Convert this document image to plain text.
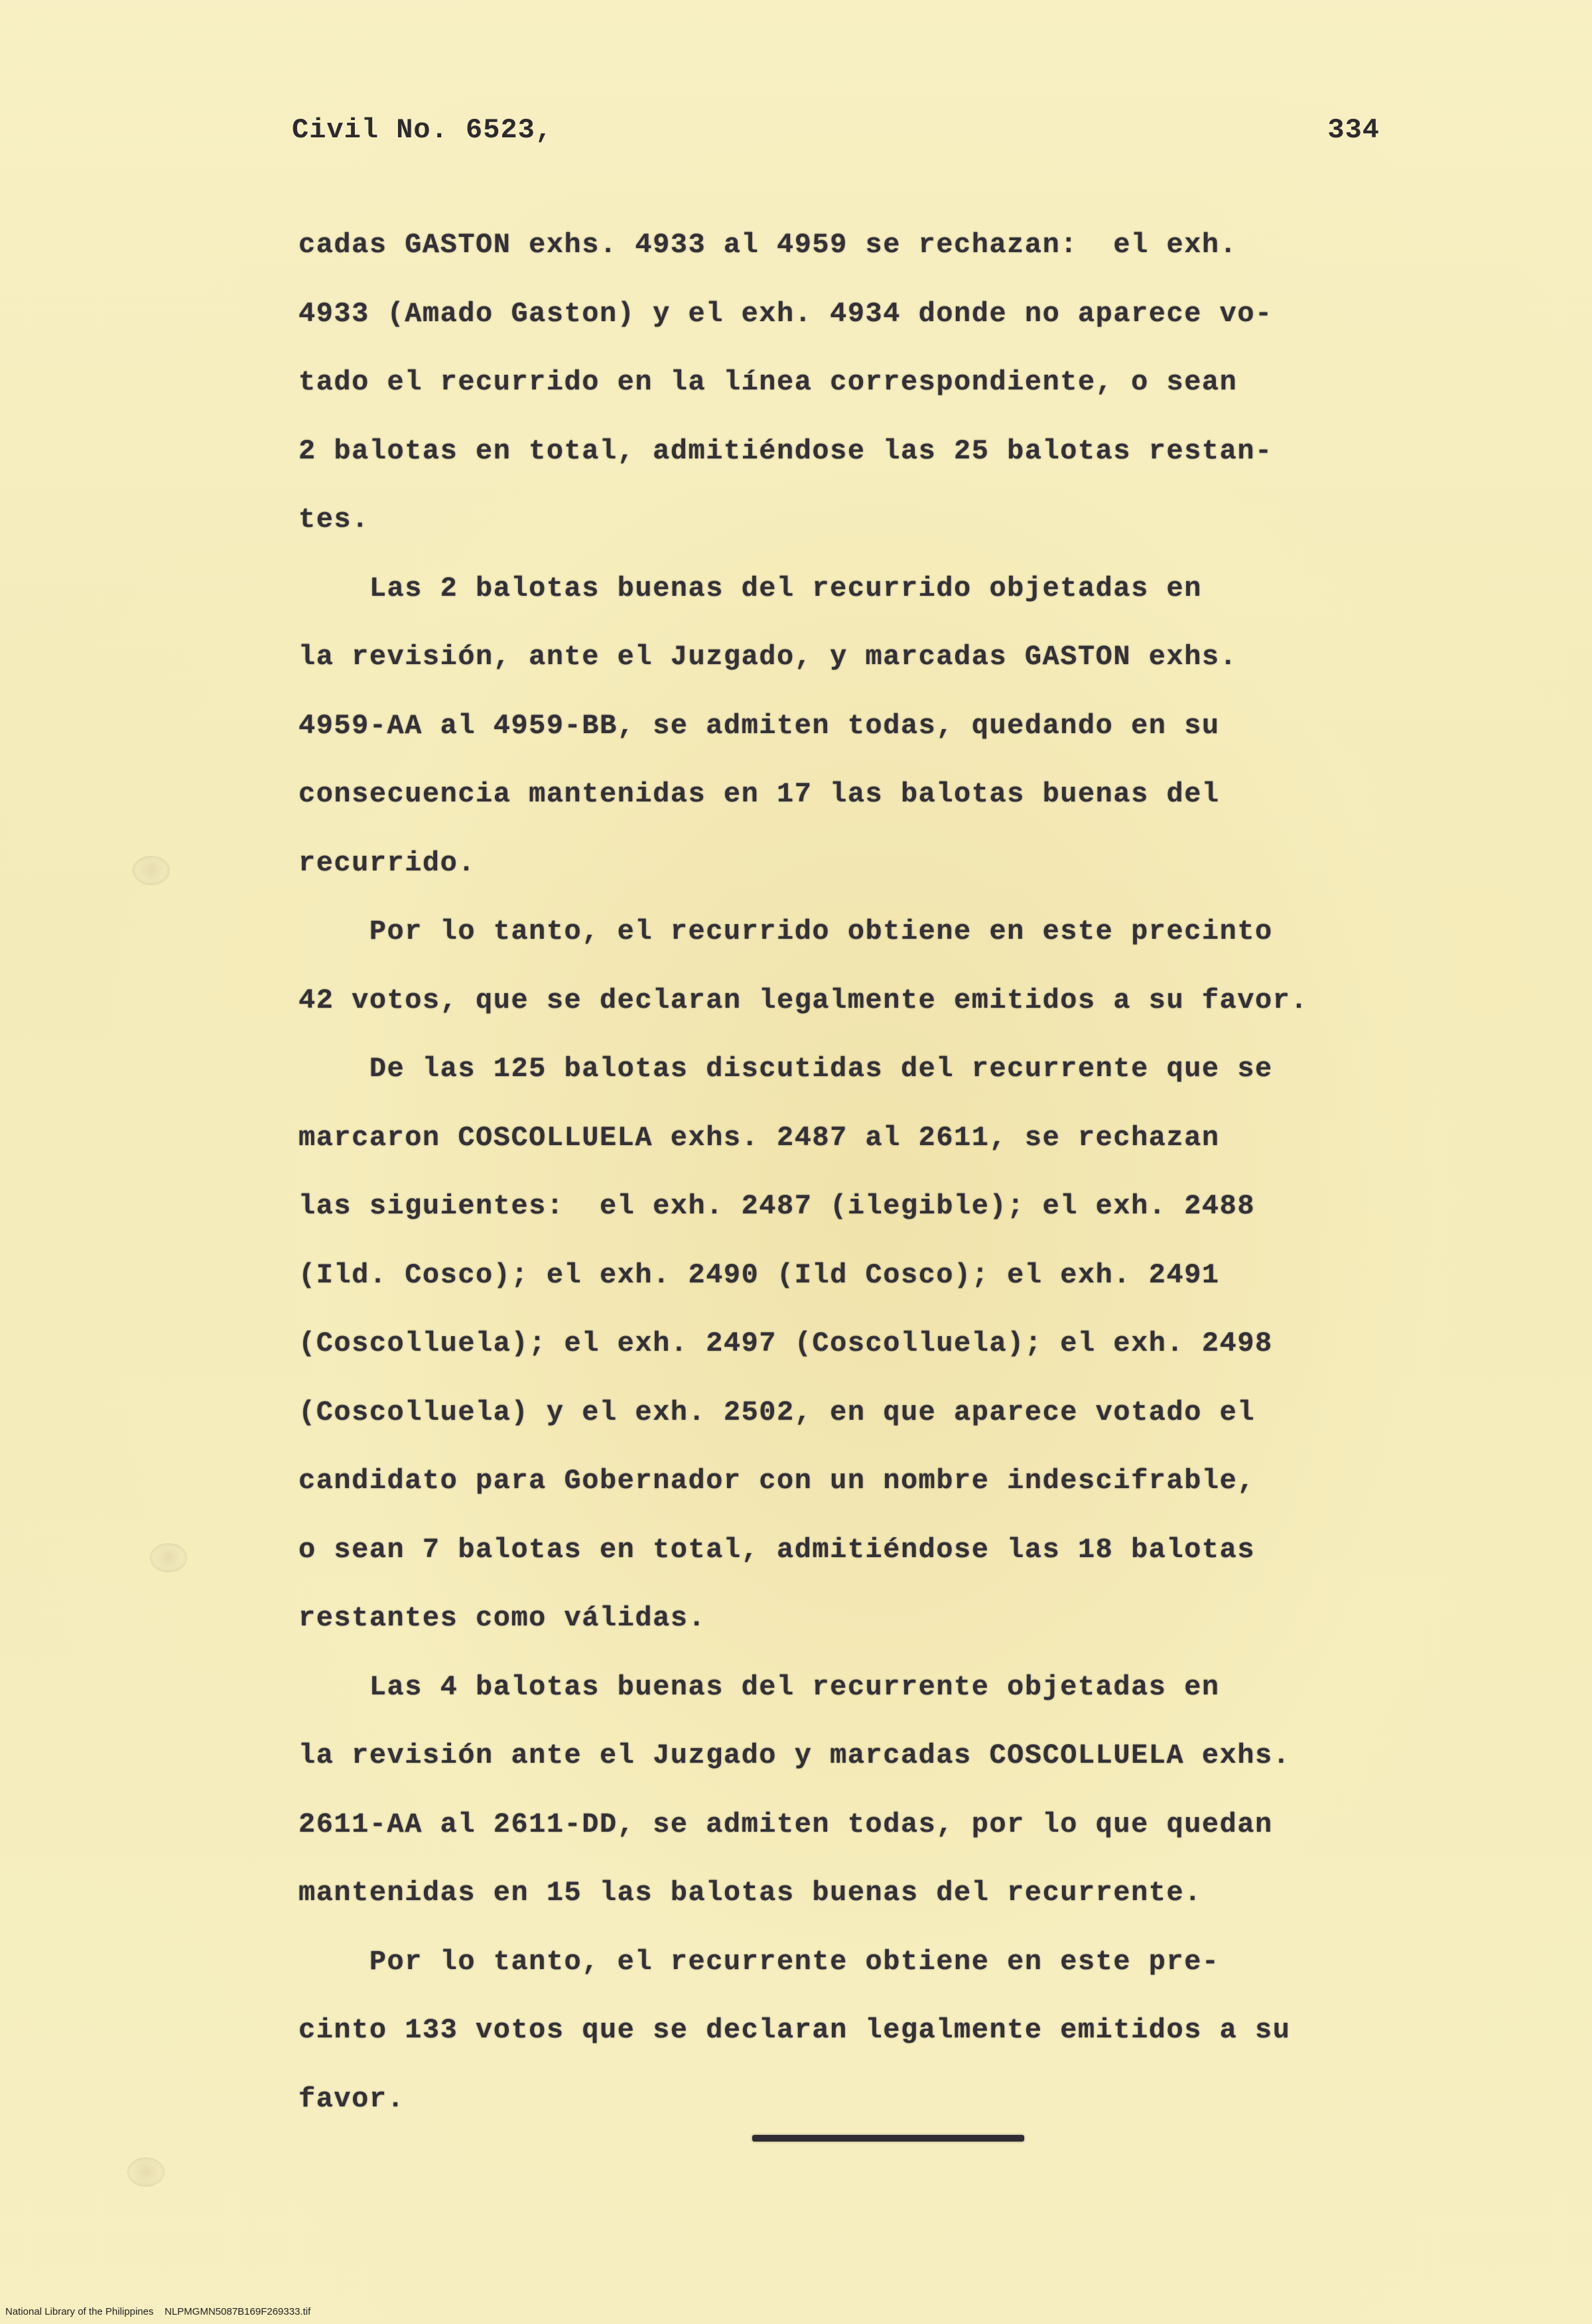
Civil No. 6523,	334

cadas GASTON exhs. 4933 al 4959 se rechazan:  el exh.

4933 (Amado Gaston) y el exh. 4934 donde no aparece vo-

tado el recurrido en la línea correspondiente, o sean

2 balotas en total, admitiéndose las 25 balotas restan-

tes.

Las 2 balotas buenas del recurrido objetadas en

la revisión, ante el Juzgado, y marcadas GASTON exhs.

4959-AA al 4959-BB, se admiten todas, quedando en su

consecuencia mantenidas en 17 las balotas buenas del

recurrido.

Por lo tanto, el recurrido obtiene en este precinto

42 votos, que se declaran legalmente emitidos a su favor.

De las 125 balotas discutidas del recurrente que se

marcaron COSCOLLUELA exhs. 2487 al 2611, se rechazan

las siguientes:  el exh. 2487 (ilegible); el exh. 2488

(Ild. Cosco); el exh. 2490 (Ild Cosco); el exh. 2491

(Coscolluela); el exh. 2497 (Coscolluela); el exh. 2498

(Coscolluela) y el exh. 2502, en que aparece votado el

candidato para Gobernador con un nombre indescifrable,

o sean 7 balotas en total, admitiéndose las 18 balotas

restantes como válidas.

Las 4 balotas buenas del recurrente objetadas en

la revisión ante el Juzgado y marcadas COSCOLLUELA exhs.

2611-AA al 2611-DD, se admiten todas, por lo que quedan

mantenidas en 15 las balotas buenas del recurrente.

Por lo tanto, el recurrente obtiene en este pre-

cinto 133 votos que se declaran legalmente emitidos a su

favor.

National Library of the Philippines    NLPMGMN5087B169F269333.tif
